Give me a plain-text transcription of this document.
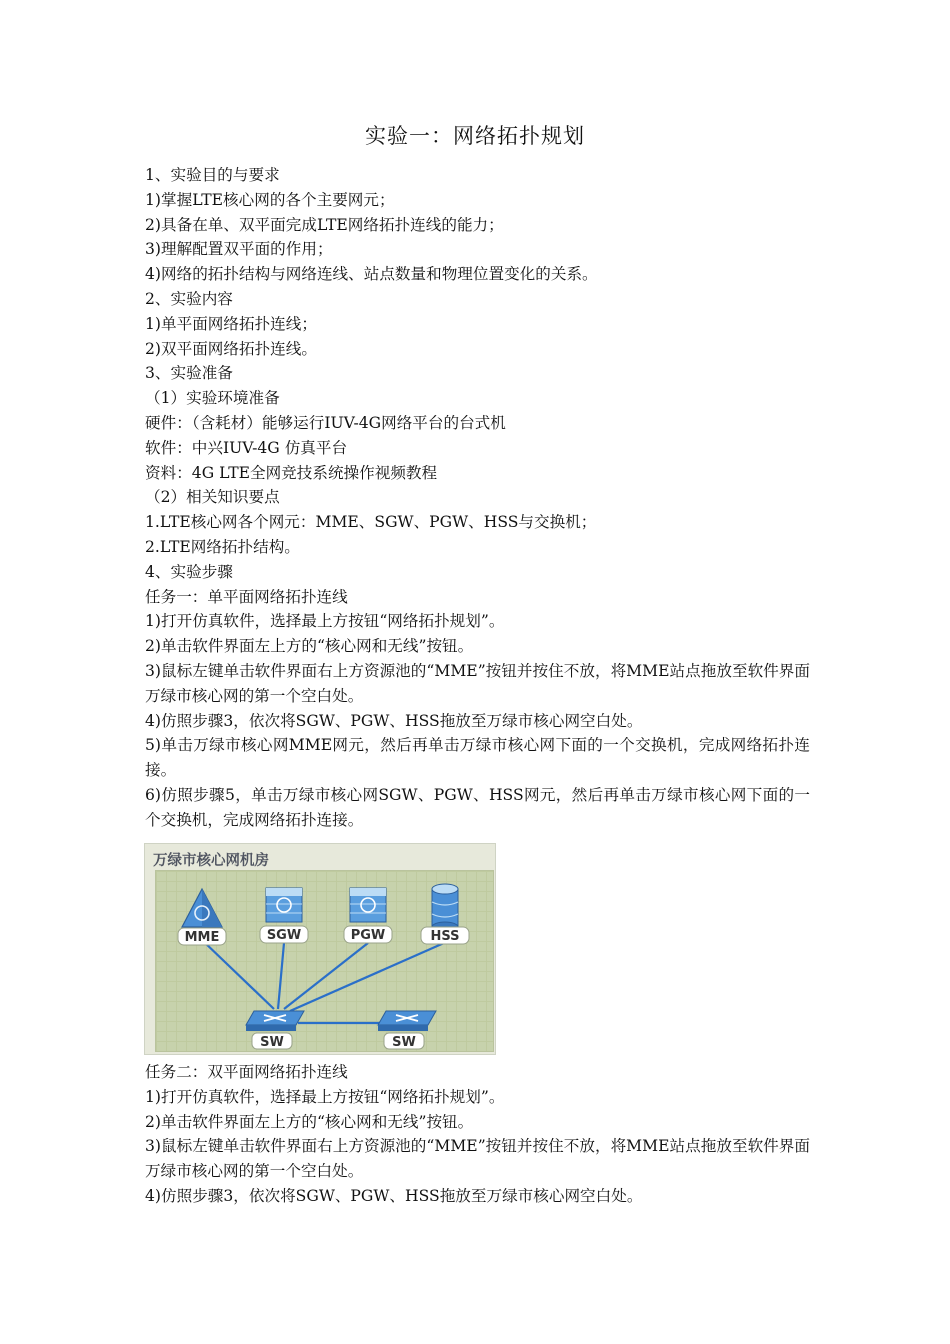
实验一：网络拓扑规划
1、实验目的与要求
1)掌握LTE核心网的各个主要网元；
2)具备在单、双平面完成LTE网络拓扑连线的能力；
3)理解配置双平面的作用；
4)网络的拓扑结构与网络连线、站点数量和物理位置变化的关系。
2、实验内容
1)单平面网络拓扑连线；
2)双平面网络拓扑连线。
3、实验准备
（1）实验环境准备
硬件：（含耗材）能够运行IUV-4G网络平台的台式机
软件：中兴IUV-4G 仿真平台
资料：4G LTE全网竞技系统操作视频教程
（2）相关知识要点
1.LTE核心网各个网元：MME、SGW、PGW、HSS与交换机；
2.LTE网络拓扑结构。
4、实验步骤
任务一：单平面网络拓扑连线
1)打开仿真软件，选择最上方按钮“网络拓扑规划”。
2)单击软件界面左上方的“核心网和无线”按钮。
3)鼠标左键单击软件界面右上方资源池的“MME”按钮并按住不放，将MME站点拖放至软件界面万绿市核心网的第一个空白处。
4)仿照步骤3，依次将SGW、PGW、HSS拖放至万绿市核心网空白处。
5)单击万绿市核心网MME网元，然后再单击万绿市核心网下面的一个交换机，完成网络拓扑连接。
6)仿照步骤5，单击万绿市核心网SGW、PGW、HSS网元，然后再单击万绿市核心网下面的一个交换机，完成网络拓扑连接。
万绿市核心网机房
MME	SGW	PGW	HSS
SW	SW
任务二：双平面网络拓扑连线
1)打开仿真软件，选择最上方按钮“网络拓扑规划”。
2)单击软件界面左上方的“核心网和无线”按钮。
3)鼠标左键单击软件界面右上方资源池的“MME”按钮并按住不放，将MME站点拖放至软件界面万绿市核心网的第一个空白处。
4)仿照步骤3，依次将SGW、PGW、HSS拖放至万绿市核心网空白处。
